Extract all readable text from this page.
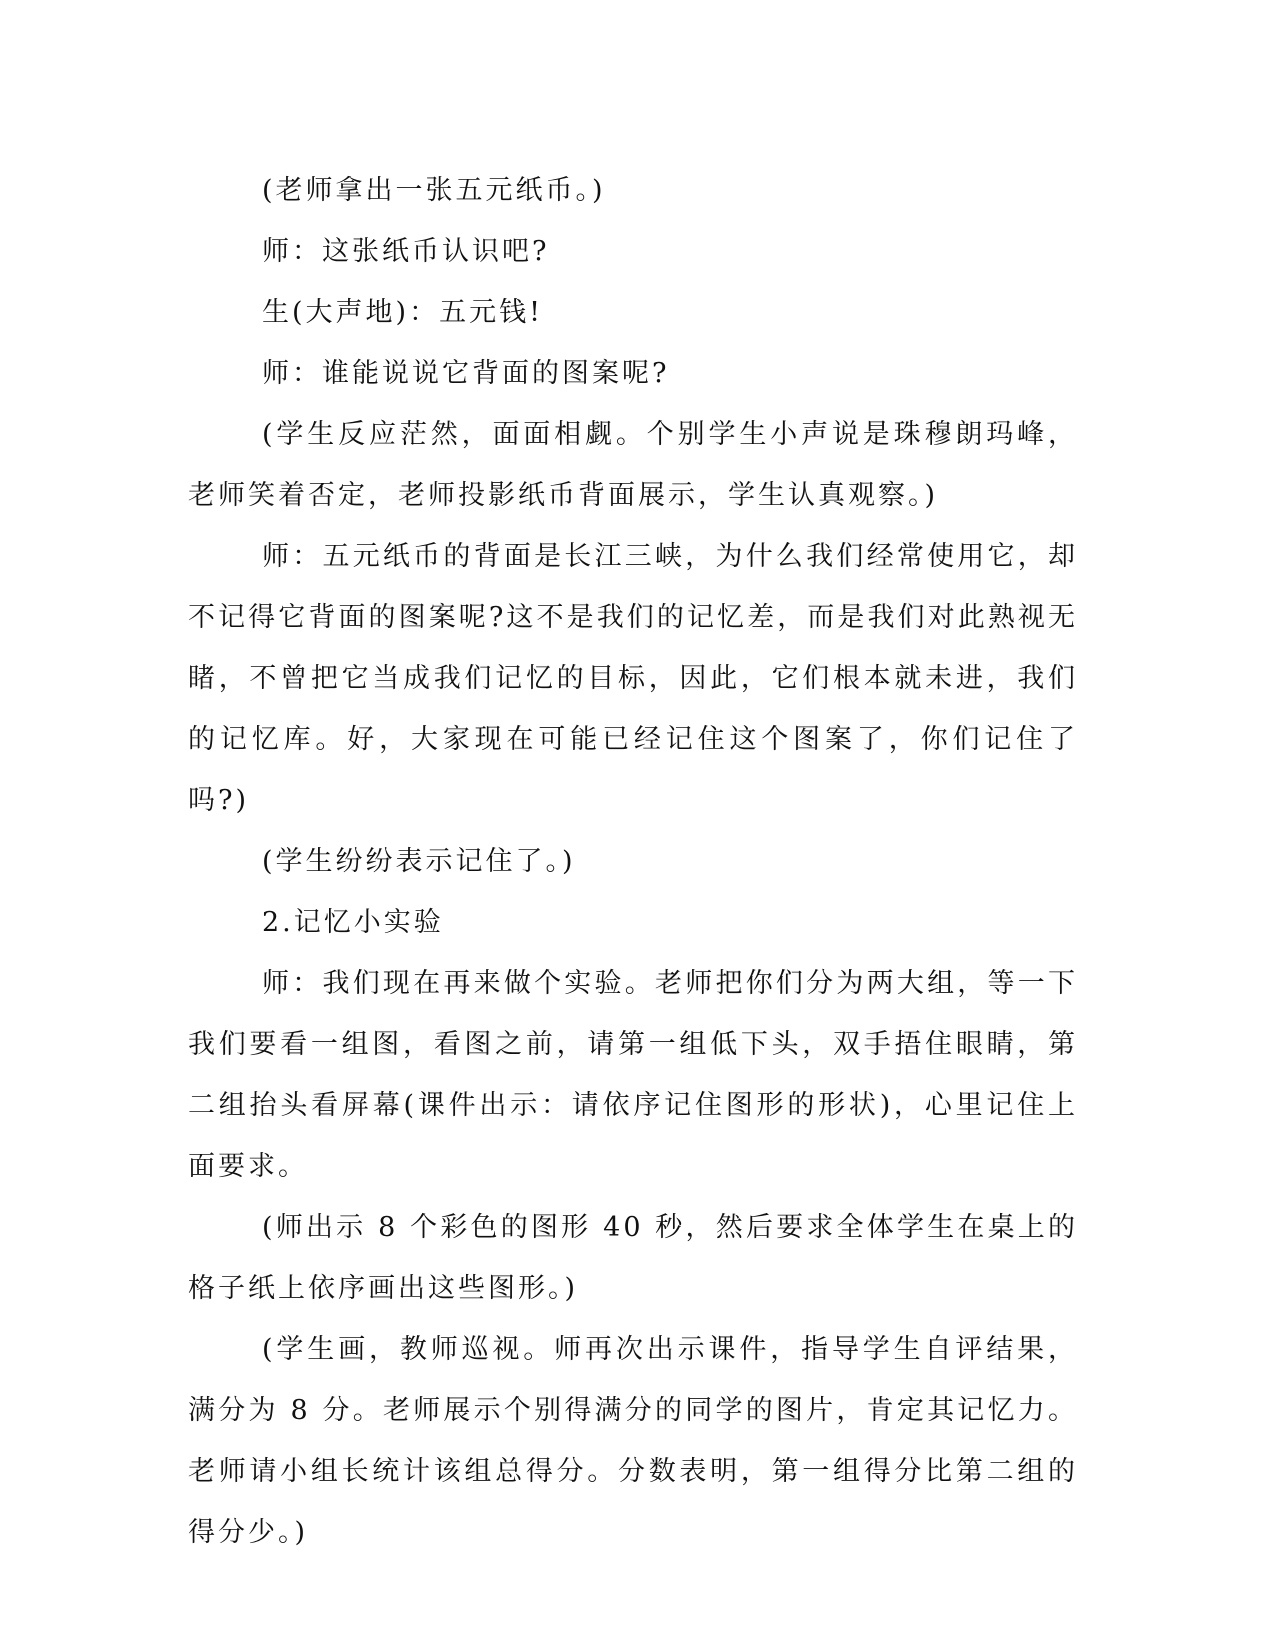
(老师拿出一张五元纸币。)

师：这张纸币认识吧?

生(大声地)：五元钱!

师：谁能说说它背面的图案呢?

(学生反应茫然，面面相觑。个别学生小声说是珠穆朗玛峰，老师笑着否定，老师投影纸币背面展示，学生认真观察。)

师：五元纸币的背面是长江三峡，为什么我们经常使用它，却不记得它背面的图案呢?这不是我们的记忆差，而是我们对此熟视无睹，不曾把它当成我们记忆的目标，因此，它们根本就未进，我们的记忆库。好，大家现在可能已经记住这个图案了，你们记住了吗?)

(学生纷纷表示记住了。)

2.记忆小实验

师：我们现在再来做个实验。老师把你们分为两大组，等一下我们要看一组图，看图之前，请第一组低下头，双手捂住眼睛，第二组抬头看屏幕(课件出示：请依序记住图形的形状)，心里记住上面要求。

(师出示 8 个彩色的图形 40 秒，然后要求全体学生在桌上的格子纸上依序画出这些图形。)

(学生画，教师巡视。师再次出示课件，指导学生自评结果，满分为 8 分。老师展示个别得满分的同学的图片，肯定其记忆力。老师请小组长统计该组总得分。分数表明，第一组得分比第二组的得分少。)
